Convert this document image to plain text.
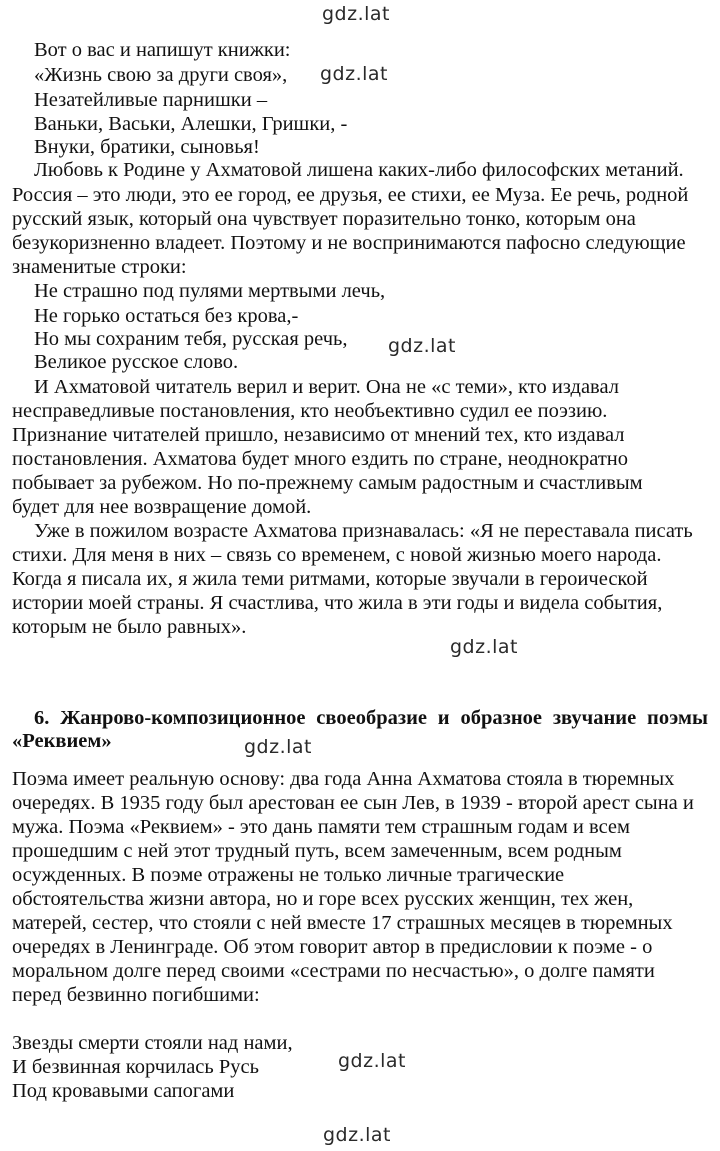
gdz.lat
gdz.lat
gdz.lat
gdz.lat
gdz.lat
gdz.lat
gdz.lat
Вот о вас и напишут книжки:
«Жизнь свою за други своя»,
Незатейливые парнишки –
Ваньки, Васьки, Алешки, Гришки, -
Внуки, братики, сыновья!
Любовь к Родине у Ахматовой лишена каких-либо философских метаний.
Россия – это люди, это ее город, ее друзья, ее стихи, ее Муза. Ее речь, родной
русский язык, который она чувствует поразительно тонко, которым она
безукоризненно владеет. Поэтому и не воспринимаются пафосно следующие
знаменитые строки:
Не страшно под пулями мертвыми лечь,
Не горько остаться без крова,-
Но мы сохраним тебя, русская речь,
Великое русское слово.
И Ахматовой читатель верил и верит. Она не «с теми», кто издавал
несправедливые постановления, кто необъективно судил ее поэзию.
Признание читателей пришло, независимо от мнений тех, кто издавал
постановления. Ахматова будет много ездить по стране, неоднократно
побывает за рубежом. Но по-прежнему самым радостным и счастливым
будет для нее возвращение домой.
Уже в пожилом возрасте Ахматова признавалась: «Я не переставала писать
стихи. Для меня в них – связь со временем, с новой жизнью моего народа.
Когда я писала их, я жила теми ритмами, которые звучали в героической
истории моей страны. Я счастлива, что жила в эти годы и видела события,
которым не было равных».
6. Жанрово-композиционное своеобразие и образное звучание поэмы
«Реквием»
Поэма имеет реальную основу: два года Анна Ахматова стояла в тюремных
очередях. В 1935 году был арестован ее сын Лев, в 1939 - второй арест сына и
мужа. Поэма «Реквием» - это дань памяти тем страшным годам и всем
прошедшим с ней этот трудный путь, всем замеченным, всем родным
осужденных. В поэме отражены не только личные трагические
обстоятельства жизни автора, но и горе всех русских женщин, тех жен,
матерей, сестер, что стояли с ней вместе 17 страшных месяцев в тюремных
очередях в Ленинграде. Об этом говорит автор в предисловии к поэме - о
моральном долге перед своими «сестрами по несчастью», о долге памяти
перед безвинно погибшими:
Звезды смерти стояли над нами,
И безвинная корчилась Русь
Под кровавыми сапогами
